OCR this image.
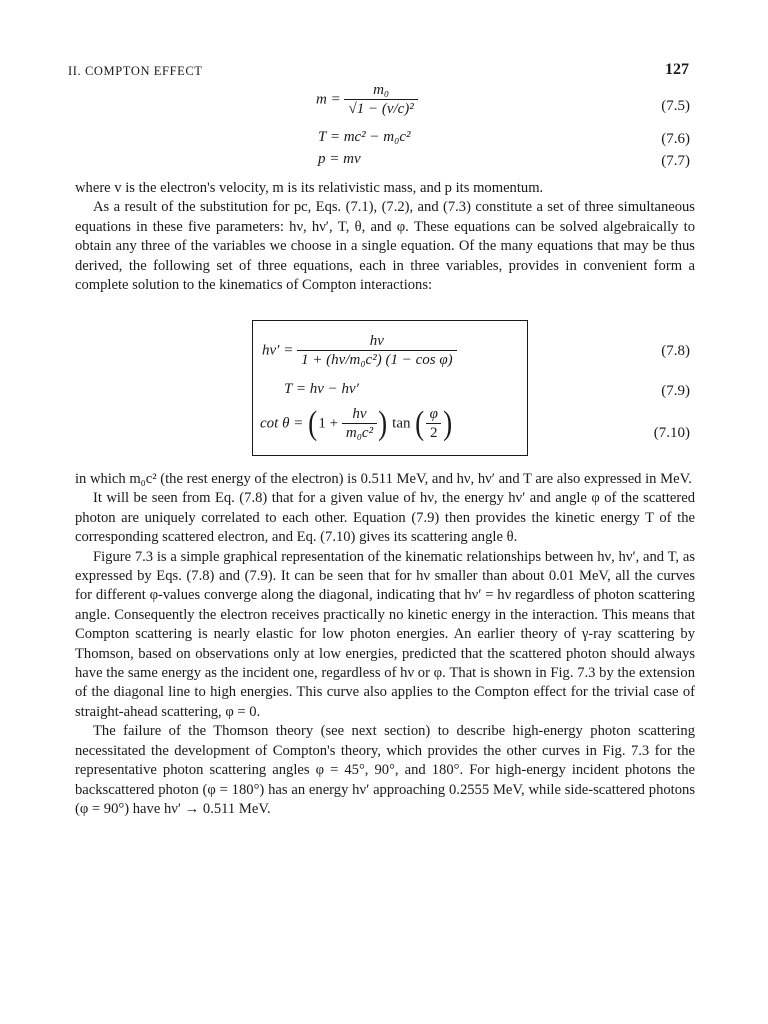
II. COMPTON EFFECT	127
$m = \frac{\text{m₀}}{\text{√1 − (v/c)²}}$	(7.5)
T = mc² − m₀c²	(7.6)
p = mv	(7.7)

where v is the electron's velocity, m is its relativistic mass, and p its momentum.

As a result of the substitution for pc, Eqs. (7.1), (7.2), and (7.3) constitute a set of three simultaneous equations in these five parameters: hν, hν′, T, θ, and φ. These equations can be solved algebraically to obtain any three of the variables we choose in a single equation. Of the many equations that may be thus derived, the following set of three equations, each in three variables, provides in convenient form a complete solution to the kinematics of Compton interactions:

$h\nu' = \frac{h\nu}{\text{1 + (hν/m₀c²) (1 − cos φ)}}$	(7.8)
T = hν − hν′	(7.9)
$\cot \theta = (1 + \frac{h\nu}{\text{m₀c²}}$ ) tan ( $\frac{\varphi}{2}$ )	(7.10)

in which m₀c² (the rest energy of the electron) is 0.511 MeV, and hν, hν′ and T are also expressed in MeV.

It will be seen from Eq. (7.8) that for a given value of hν, the energy hν′ and angle φ of the scattered photon are uniquely correlated to each other. Equation (7.9) then provides the kinetic energy T of the corresponding scattered electron, and Eq. (7.10) gives its scattering angle θ.

Figure 7.3 is a simple graphical representation of the kinematic relationships between hν, hν′, and T, as expressed by Eqs. (7.8) and (7.9). It can be seen that for hν smaller than about 0.01 MeV, all the curves for different φ-values converge along the diagonal, indicating that hν′ = hν regardless of photon scattering angle. Consequently the electron receives practically no kinetic energy in the interaction. This means that Compton scattering is nearly elastic for low photon energies. An earlier theory of γ-ray scattering by Thomson, based on observations only at low energies, predicted that the scattered photon should always have the same energy as the incident one, regardless of hν or φ. That is shown in Fig. 7.3 by the extension of the diagonal line to high energies. This curve also applies to the Compton effect for the trivial case of straight-ahead scattering, φ = 0.

The failure of the Thomson theory (see next section) to describe high-energy photon scattering necessitated the development of Compton's theory, which provides the other curves in Fig. 7.3 for the representative photon scattering angles φ = 45°, 90°, and 180°. For high-energy incident photons the backscattered photon (φ = 180°) has an energy hν′ approaching 0.2555 MeV, while side-scattered photons (φ = 90°) have hν′ → 0.511 MeV.
